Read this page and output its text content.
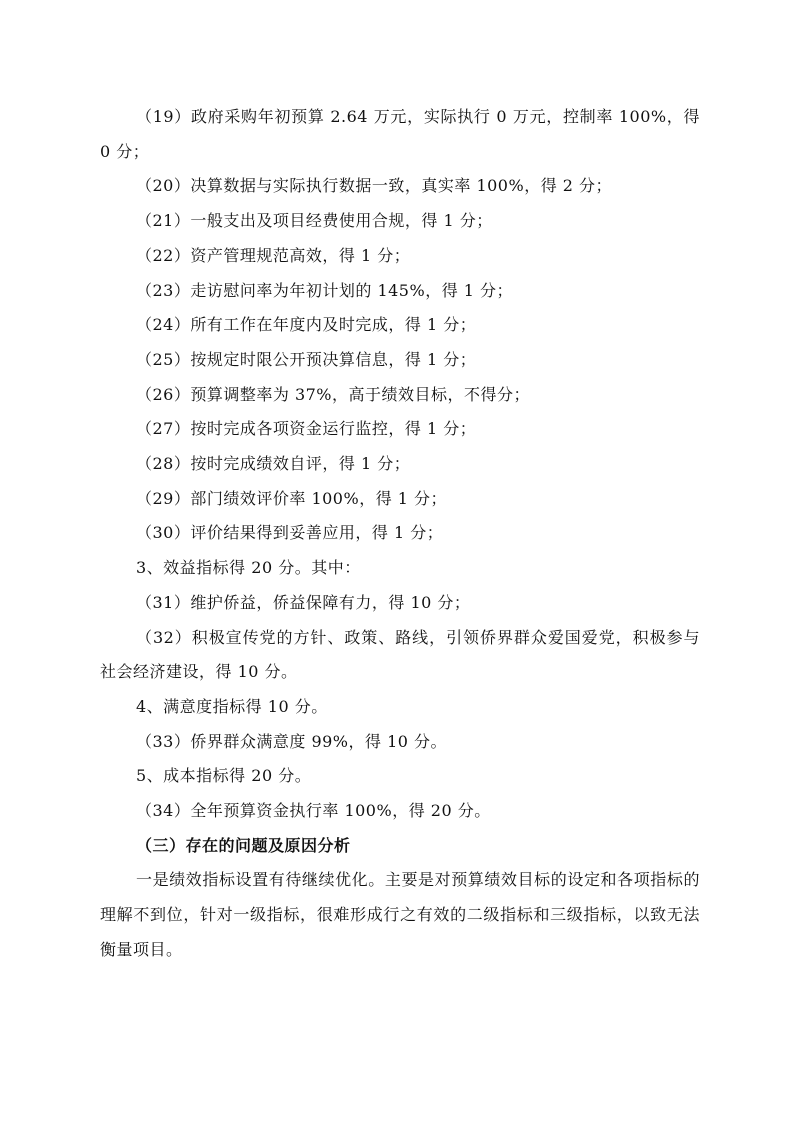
（19）政府采购年初预算 2.64 万元，实际执行 0 万元，控制率 100%，得 0 分；

（20）决算数据与实际执行数据一致，真实率 100%，得 2 分；

（21）一般支出及项目经费使用合规，得 1 分；

（22）资产管理规范高效，得 1 分；

（23）走访慰问率为年初计划的 145%，得 1 分；

（24）所有工作在年度内及时完成，得 1 分；

（25）按规定时限公开预决算信息，得 1 分；

（26）预算调整率为 37%，高于绩效目标，不得分；

（27）按时完成各项资金运行监控，得 1 分；

（28）按时完成绩效自评，得 1 分；

（29）部门绩效评价率 100%，得 1 分；

（30）评价结果得到妥善应用，得 1 分；

3、效益指标得 20 分。其中：

（31）维护侨益，侨益保障有力，得 10 分；

（32）积极宣传党的方针、政策、路线，引领侨界群众爱国爱党，积极参与社会经济建设，得 10 分。

4、满意度指标得 10 分。

（33）侨界群众满意度 99%，得 10 分。

5、成本指标得 20 分。

（34）全年预算资金执行率 100%，得 20 分。

（三）存在的问题及原因分析

一是绩效指标设置有待继续优化。主要是对预算绩效目标的设定和各项指标的理解不到位，针对一级指标，很难形成行之有效的二级指标和三级指标，以致无法衡量项目。
